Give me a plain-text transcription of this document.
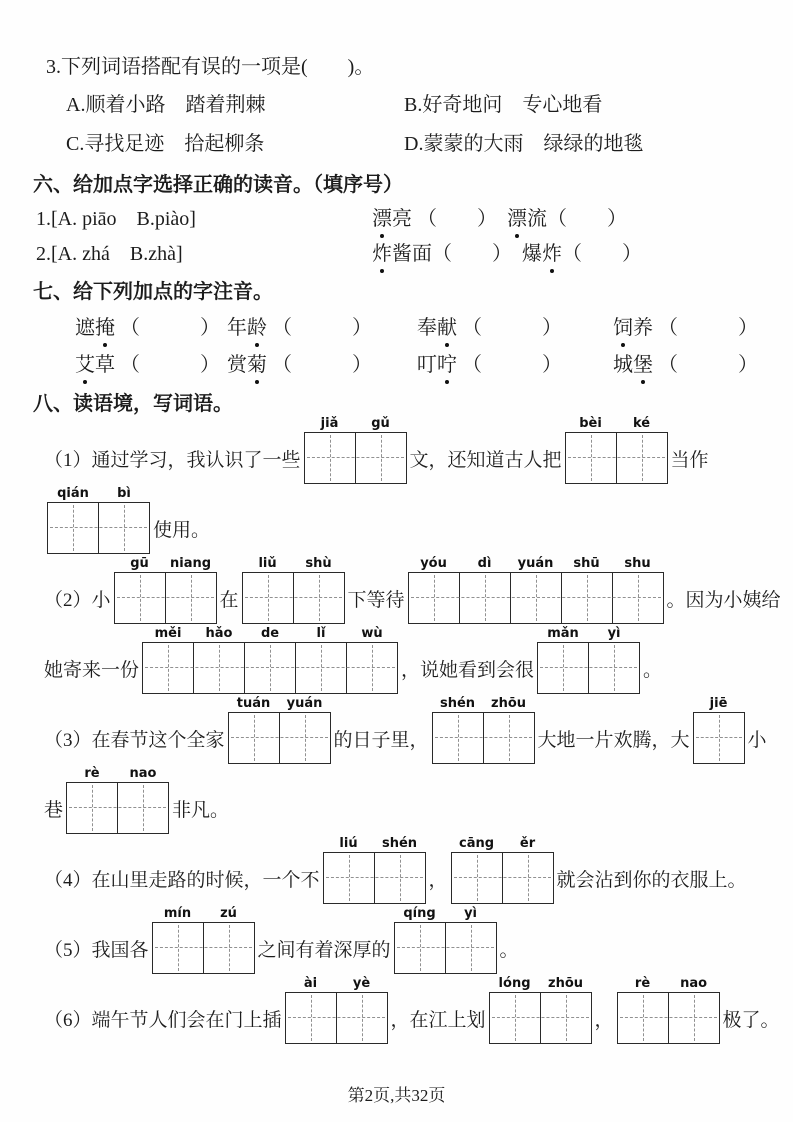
3.下列词语搭配有误的一项是(　　)。
A.顺着小路　踏着荆棘	B.好奇地问　专心地看
C.寻找足迹　拾起柳条	D.蒙蒙的大雨　绿绿的地毯
六、给加点字选择正确的读音。（填序号）
1.[A. piāo　B.piào]	漂亮 （　　）　漂流（　　）
2.[A. zhá　B.zhà]	炸酱面（　　）　爆炸（　　）
七、给下列加点的字注音。
遮掩 （　　　） 年龄 （　　　）	奉献 （　　　）	饲养 （　　　）
艾草 （　　　） 赏菊 （　　　）	叮咛 （　　　）	城堡 （　　　）
八、读语境，写词语。
（1）通过学习，我认识了一些
jiǎ	gǔ
文，还知道古人把
bèi ké
当作
qián bì
使用。
（2）小
gū niang
在
liǔ shù
下等待
yóu dì yuán shū shu
。因为小姨给
她寄来一份
měi hǎo de	lǐ	wù
，说她看到会很
mǎn yì
。
（3）在春节这个全家
tuán yuán
的日子里，
shén zhōu
大地一片欢腾，大
jiē
小
巷
rè nao
非凡。
（4）在山里走路的时候，一个不
liú shén
，
cāng ěr
就会沾到你的衣服上。
（5）我国各
mín zú
之间有着深厚的
qíng yì
。
（6）端午节人们会在门上插
ài	yè
，在江上划
lóng zhōu
，
rè nao
极了。
第2页,共32页
